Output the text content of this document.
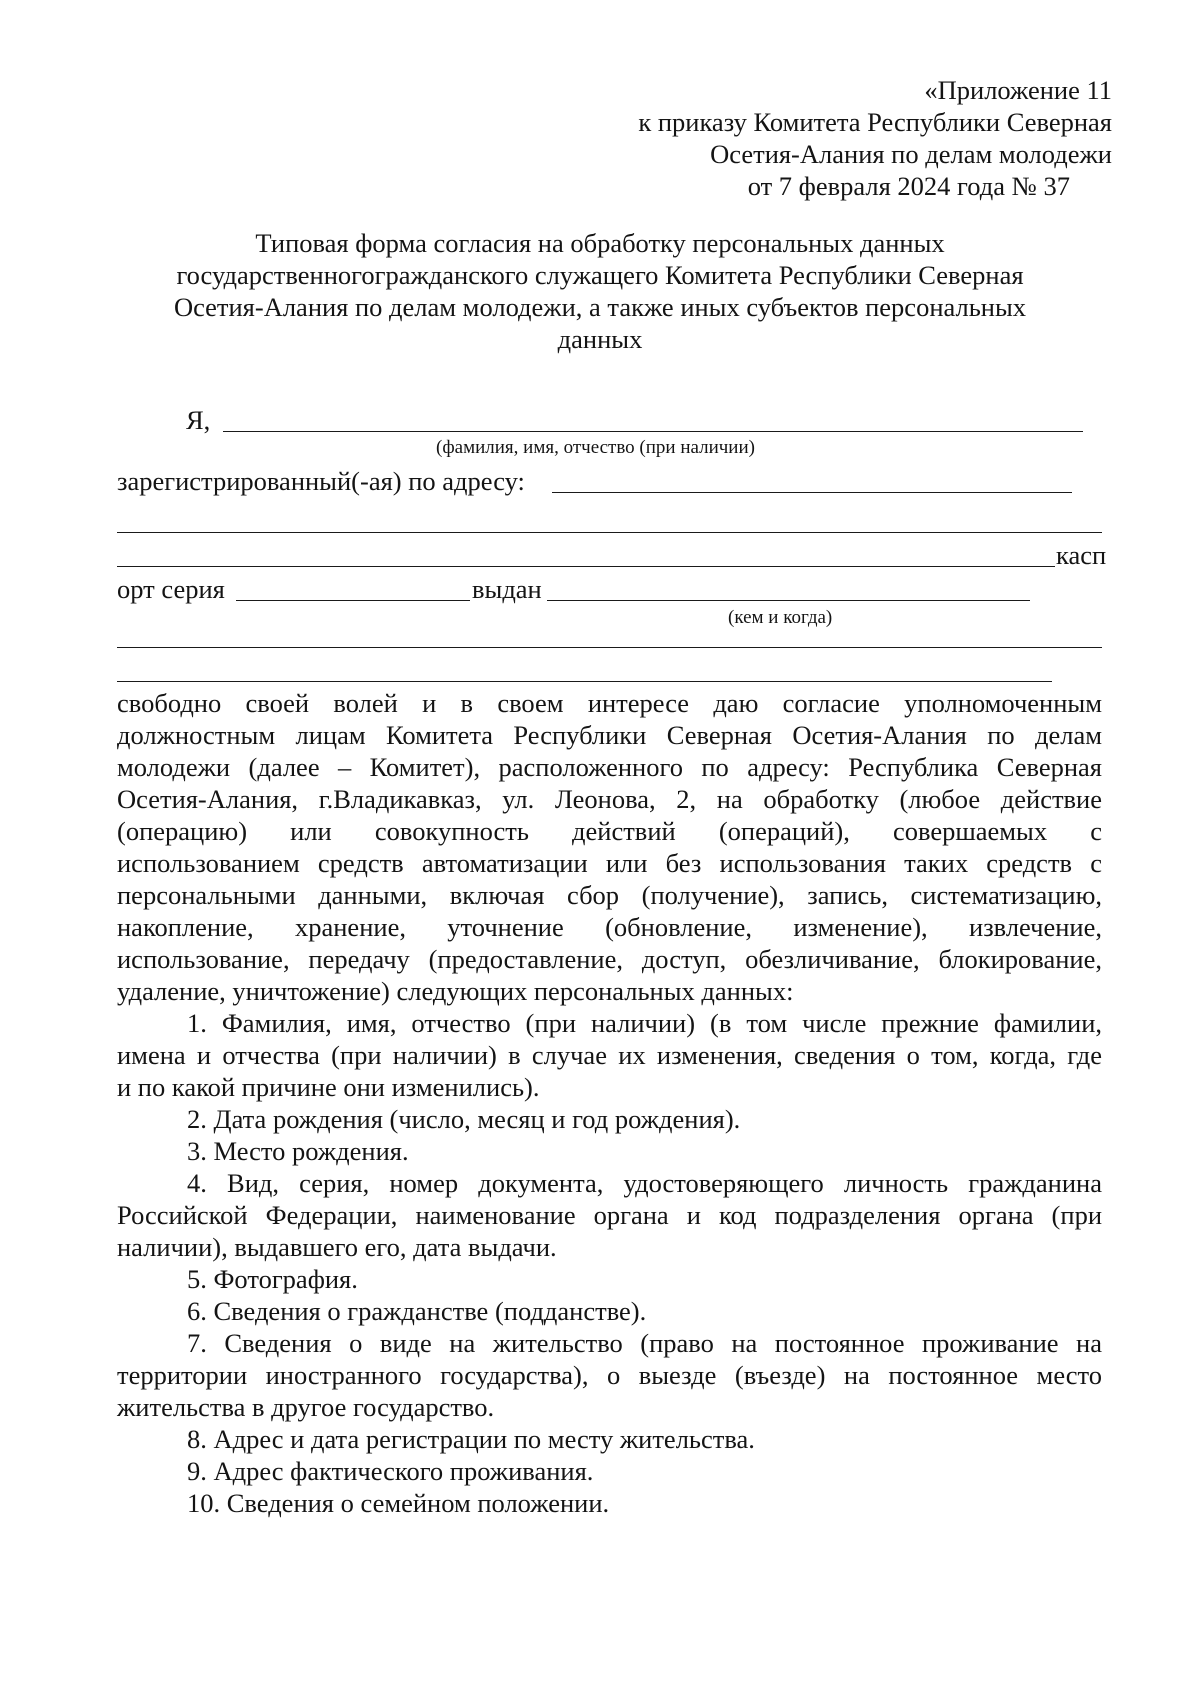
«Приложение 11
к приказу Комитета Республики Северная
Осетия-Алания по делам молодежи
от 7 февраля 2024 года № 37
Типовая форма согласия на обработку персональных данных
государственногогражданского служащего Комитета Республики Северная
Осетия-Алания по делам молодежи, а также иных субъектов персональных
данных
Я,
(фамилия, имя, отчество (при наличии)
зарегистрированный(-ая) по адресу:
касп
орт серия	выдан
(кем и когда)
свободно своей волей и в своем интересе даю согласие уполномоченным
должностным лицам Комитета Республики Северная Осетия-Алания по делам
молодежи (далее – Комитет), расположенного по адресу: Республика Северная
Осетия-Алания, г.Владикавказ, ул. Леонова, 2, на обработку (любое действие
(операцию) или совокупность действий (операций), совершаемых с
использованием средств автоматизации или без использования таких средств с
персональными данными, включая сбор (получение), запись, систематизацию,
накопление, хранение, уточнение (обновление, изменение), извлечение,
использование, передачу (предоставление, доступ, обезличивание, блокирование,
удаление, уничтожение) следующих персональных данных:
1. Фамилия, имя, отчество (при наличии) (в том числе прежние фамилии,
имена и отчества (при наличии) в случае их изменения, сведения о том, когда, где
и по какой причине они изменились).
2. Дата рождения (число, месяц и год рождения).
3. Место рождения.
4. Вид, серия, номер документа, удостоверяющего личность гражданина
Российской Федерации, наименование органа и код подразделения органа (при
наличии), выдавшего его, дата выдачи.
5. Фотография.
6. Сведения о гражданстве (подданстве).
7. Сведения о виде на жительство (право на постоянное проживание на
территории иностранного государства), о выезде (въезде) на постоянное место
жительства в другое государство.
8. Адрес и дата регистрации по месту жительства.
9. Адрес фактического проживания.
10. Сведения о семейном положении.
